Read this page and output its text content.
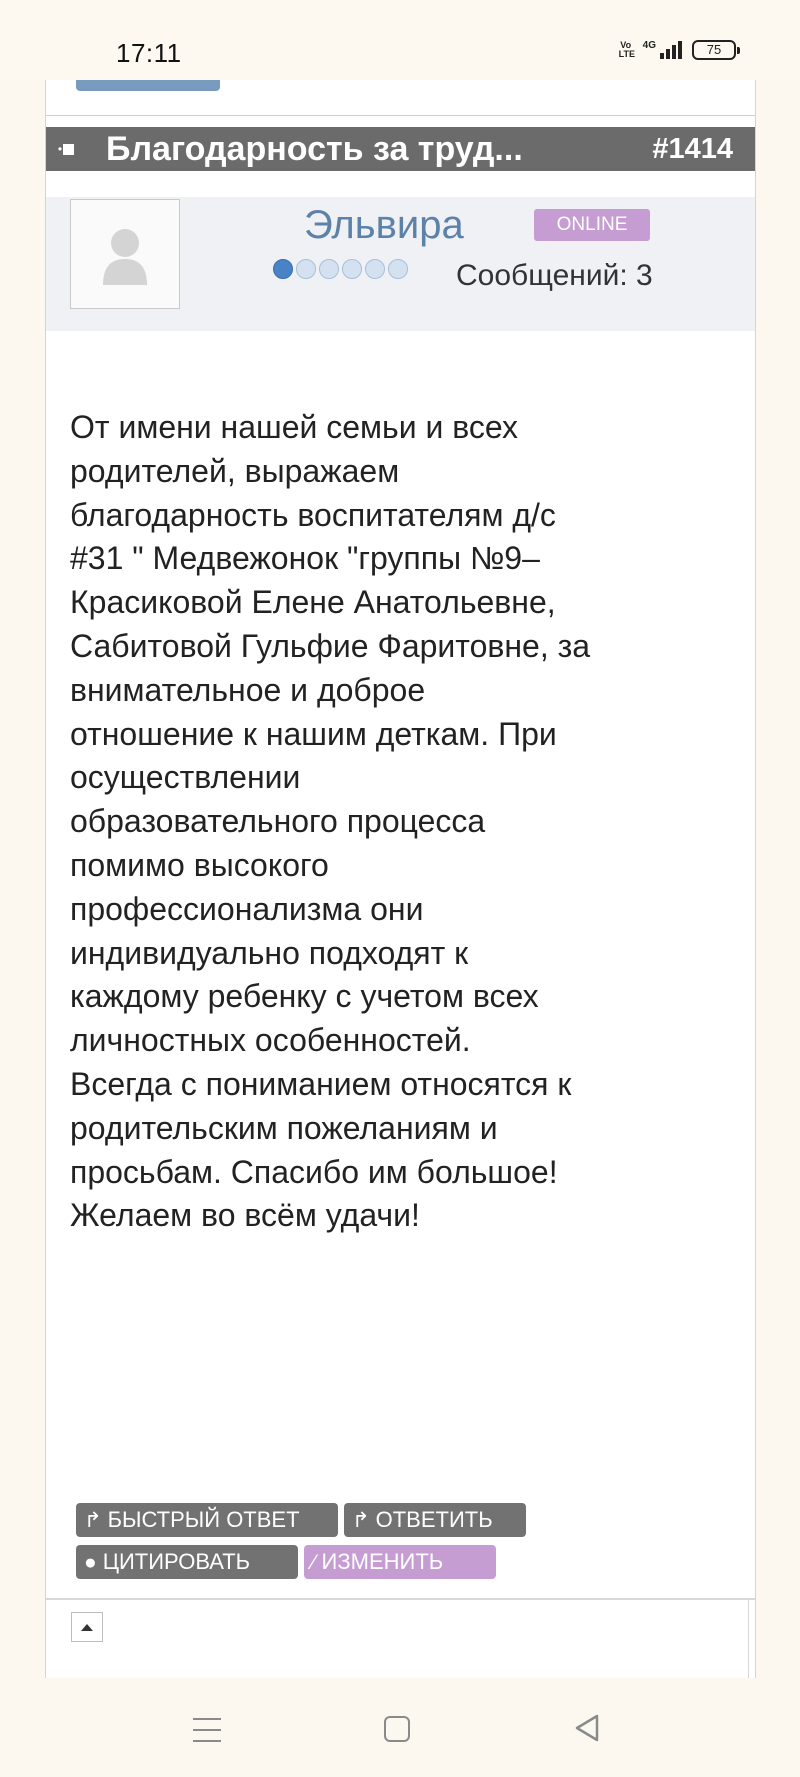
17:11	Vo LTE
4G	75
•	Благодарность за труд...	#1414
Эльвира	ONLINE
Сообщений: 3
От имени нашей семьи и всех
родителей, выражаем
благодарность воспитателям д/с
#31 " Медвежонок "группы №9–
Красиковой Елене Анатольевне,
Сабитовой Гульфие Фаритовне, за
внимательное и доброе
отношение к нашим деткам. При
осуществлении
образовательного процесса
помимо высокого
профессионализма они
индивидуально подходят к
каждому ребенку с учетом всех
личностных особенностей.
Всегда с пониманием относятся к
родительским пожеланиям и
просьбам. Спасибо им большое!
Желаем во всём удачи!
↱ БЫСТРЫЙ ОТВЕТ ↱ ОТВЕТИТЬ
● ЦИТИРОВАТЬ	⁄ ИЗМЕНИТЬ
